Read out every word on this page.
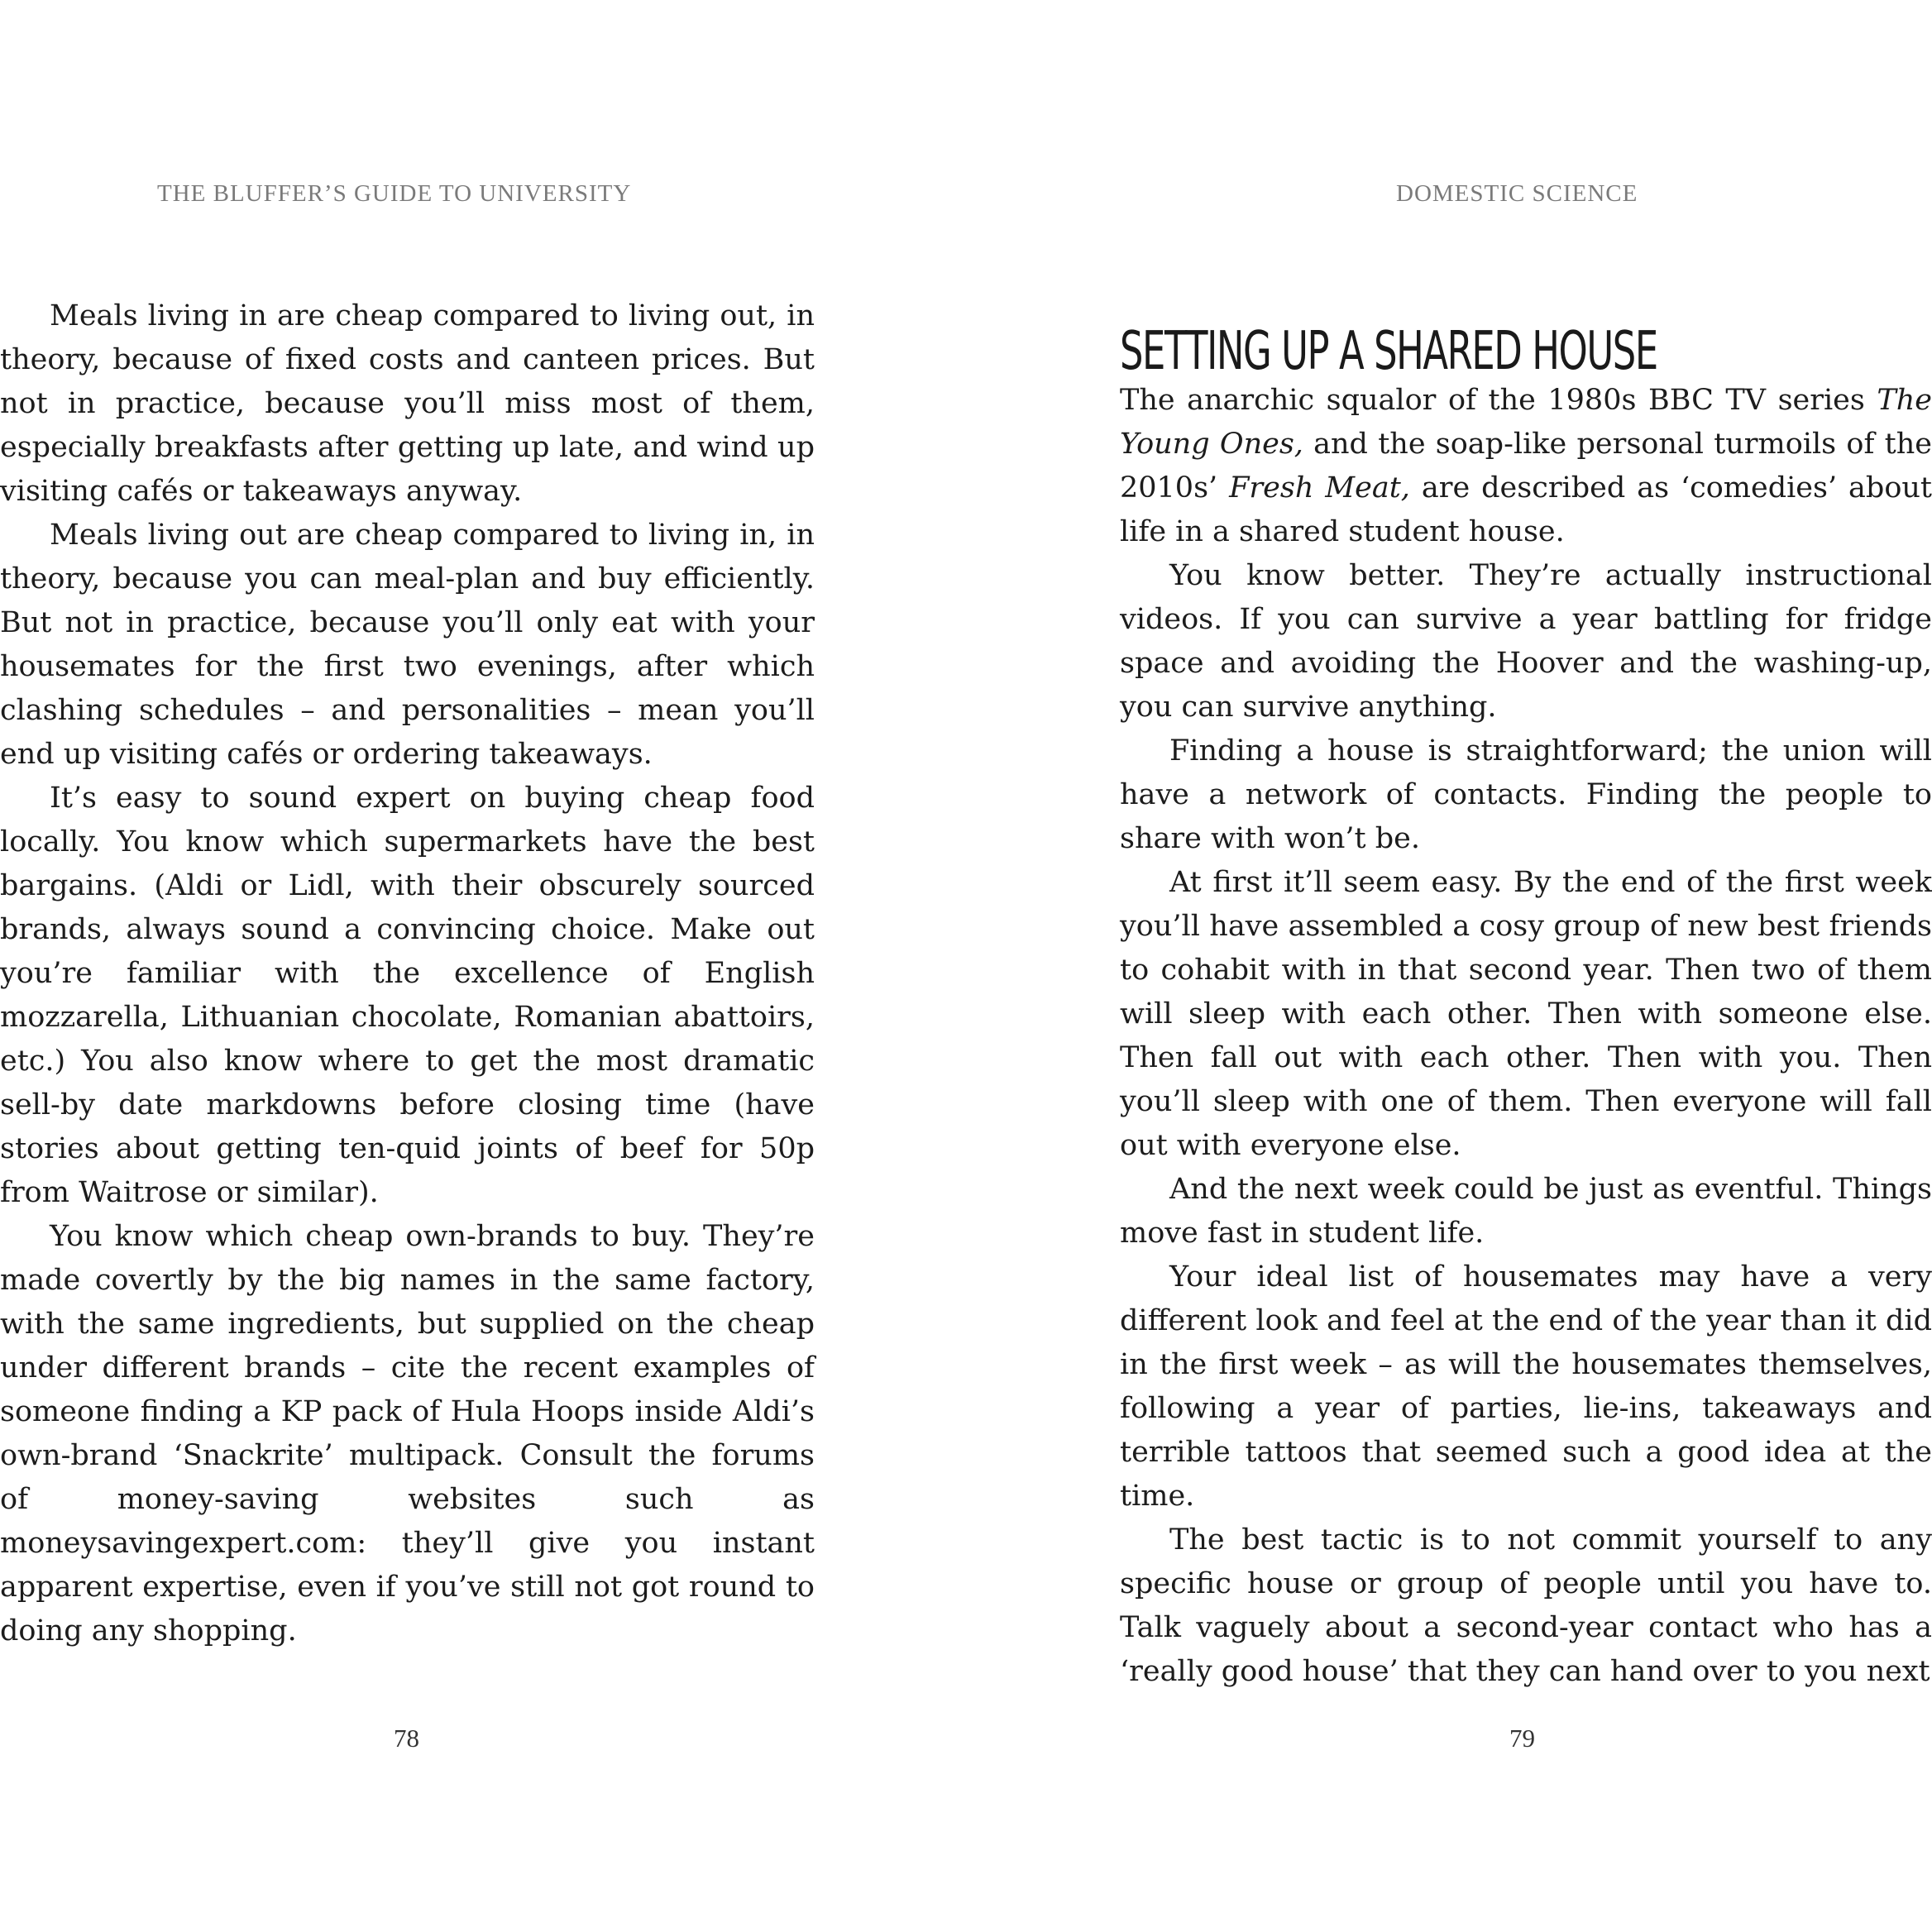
THE BLUFFER’S GUIDE TO UNIVERSITY

Meals living in are cheap compared to living out, in theory, because of fixed costs and canteen prices. But not in practice, because you’ll miss most of them, especially breakfasts after getting up late, and wind up visiting cafés or takeaways anyway.

Meals living out are cheap compared to living in, in theory, because you can meal-plan and buy efficiently. But not in practice, because you’ll only eat with your housemates for the first two evenings, after which clashing schedules – and personalities – mean you’ll end up visiting cafés or ordering takeaways.

It’s easy to sound expert on buying cheap food locally. You know which supermarkets have the best bargains. (Aldi or Lidl, with their obscurely sourced brands, always sound a convincing choice. Make out you’re familiar with the excellence of English mozzarella, Lithuanian chocolate, Romanian abattoirs, etc.) You also know where to get the most dramatic sell-by date markdowns before closing time (have stories about getting ten-quid joints of beef for 50p from Waitrose or similar).

You know which cheap own-brands to buy. They’re made covertly by the big names in the same factory, with the same ingredients, but supplied on the cheap under different brands – cite the recent examples of someone finding a KP pack of Hula Hoops inside Aldi’s own-brand ‘Snackrite’ multipack. Consult the forums of money-saving websites such as moneysavingexpert.com: they’ll give you instant apparent expertise, even if you’ve still not got round to doing any shopping.

78
DOMESTIC SCIENCE
SETTING UP A SHARED HOUSE

The anarchic squalor of the 1980s BBC TV series The Young Ones, and the soap-like personal turmoils of the 2010s’ Fresh Meat, are described as ‘comedies’ about life in a shared student house.

You know better. They’re actually instructional videos. If you can survive a year battling for fridge space and avoiding the Hoover and the washing-up, you can survive anything.

Finding a house is straightforward; the union will have a network of contacts. Finding the people to share with won’t be.

At first it’ll seem easy. By the end of the first week you’ll have assembled a cosy group of new best friends to cohabit with in that second year. Then two of them will sleep with each other. Then with someone else. Then fall out with each other. Then with you. Then you’ll sleep with one of them. Then everyone will fall out with everyone else.

And the next week could be just as eventful. Things move fast in student life.

Your ideal list of housemates may have a very different look and feel at the end of the year than it did in the first week – as will the housemates themselves, following a year of parties, lie-ins, takeaways and terrible tattoos that seemed such a good idea at the time.

The best tactic is to not commit yourself to any specific house or group of people until you have to. Talk vaguely about a second-year contact who has a ‘really good house’ that they can hand over to you next

79
